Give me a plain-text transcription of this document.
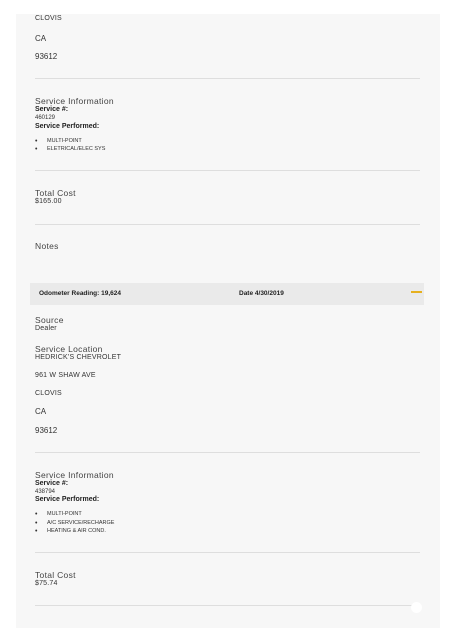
CLOVIS
CA
93612
Service Information
Service #:
460129
Service Performed:
MULTI-POINT
ELETRICAL/ELEC SYS
Total Cost
$165.00
Notes
Odometer Reading: 19,624	Date 4/30/2019
Source
Dealer
Service Location
HEDRICK'S CHEVROLET
961 W SHAW AVE
CLOVIS
CA
93612
Service Information
Service #:
438794
Service Performed:
MULTI-POINT
A/C SERVICE/RECHARGE
HEATING & AIR COND.
Total Cost
$75.74
